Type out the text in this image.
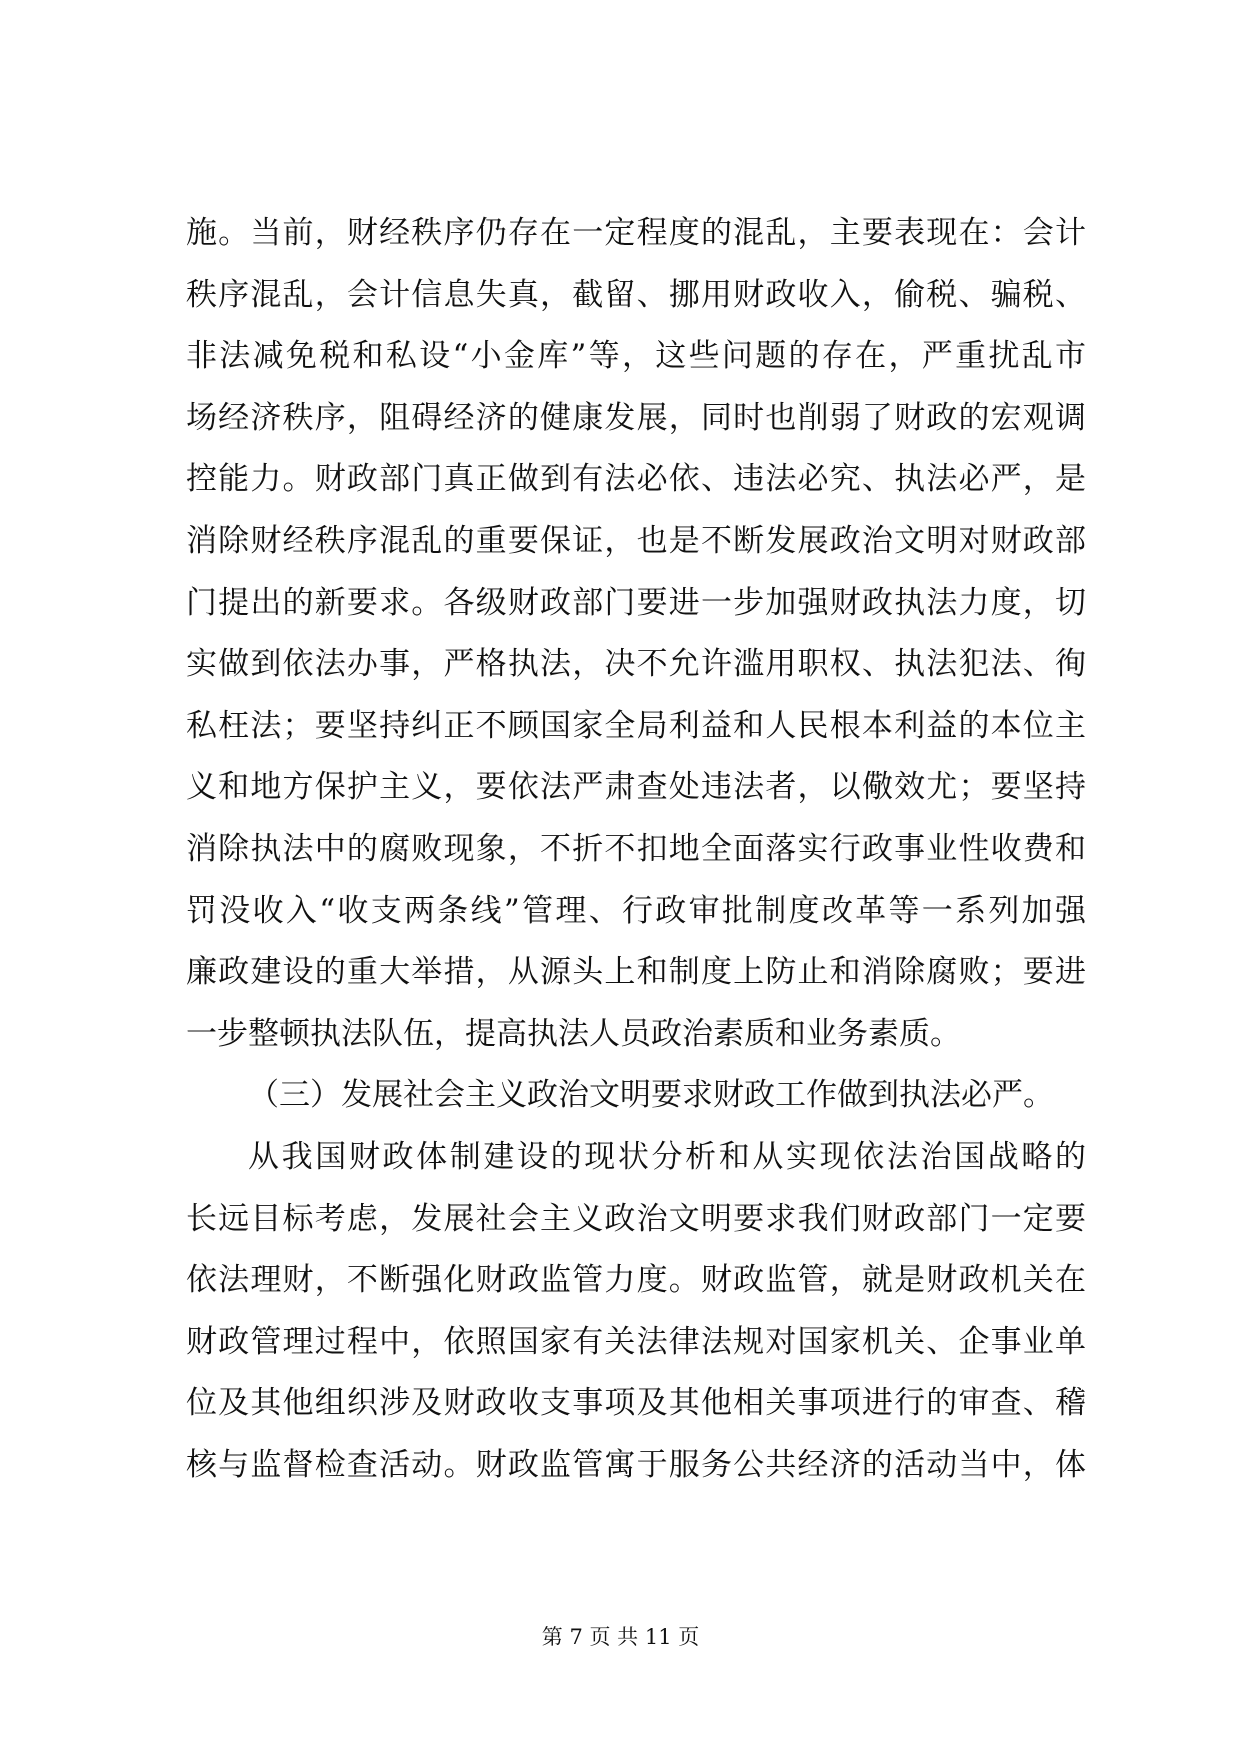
施。当前，财经秩序仍存在一定程度的混乱，主要表现在：会计
秩序混乱，会计信息失真，截留、挪用财政收入，偷税、骗税、
非法减免税和私设“小金库”等，这些问题的存在，严重扰乱市
场经济秩序，阻碍经济的健康发展，同时也削弱了财政的宏观调
控能力。财政部门真正做到有法必依、违法必究、执法必严，是
消除财经秩序混乱的重要保证，也是不断发展政治文明对财政部
门提出的新要求。各级财政部门要进一步加强财政执法力度，切
实做到依法办事，严格执法，决不允许滥用职权、执法犯法、徇
私枉法；要坚持纠正不顾国家全局利益和人民根本利益的本位主
义和地方保护主义，要依法严肃查处违法者，以儆效尤；要坚持
消除执法中的腐败现象，不折不扣地全面落实行政事业性收费和
罚没收入“收支两条线”管理、行政审批制度改革等一系列加强
廉政建设的重大举措，从源头上和制度上防止和消除腐败；要进
一步整顿执法队伍，提高执法人员政治素质和业务素质。
（三）发展社会主义政治文明要求财政工作做到执法必严。
从我国财政体制建设的现状分析和从实现依法治国战略的
长远目标考虑，发展社会主义政治文明要求我们财政部门一定要
依法理财，不断强化财政监管力度。财政监管，就是财政机关在
财政管理过程中，依照国家有关法律法规对国家机关、企事业单
位及其他组织涉及财政收支事项及其他相关事项进行的审查、稽
核与监督检查活动。财政监管寓于服务公共经济的活动当中，体
第 7 页 共 11 页
